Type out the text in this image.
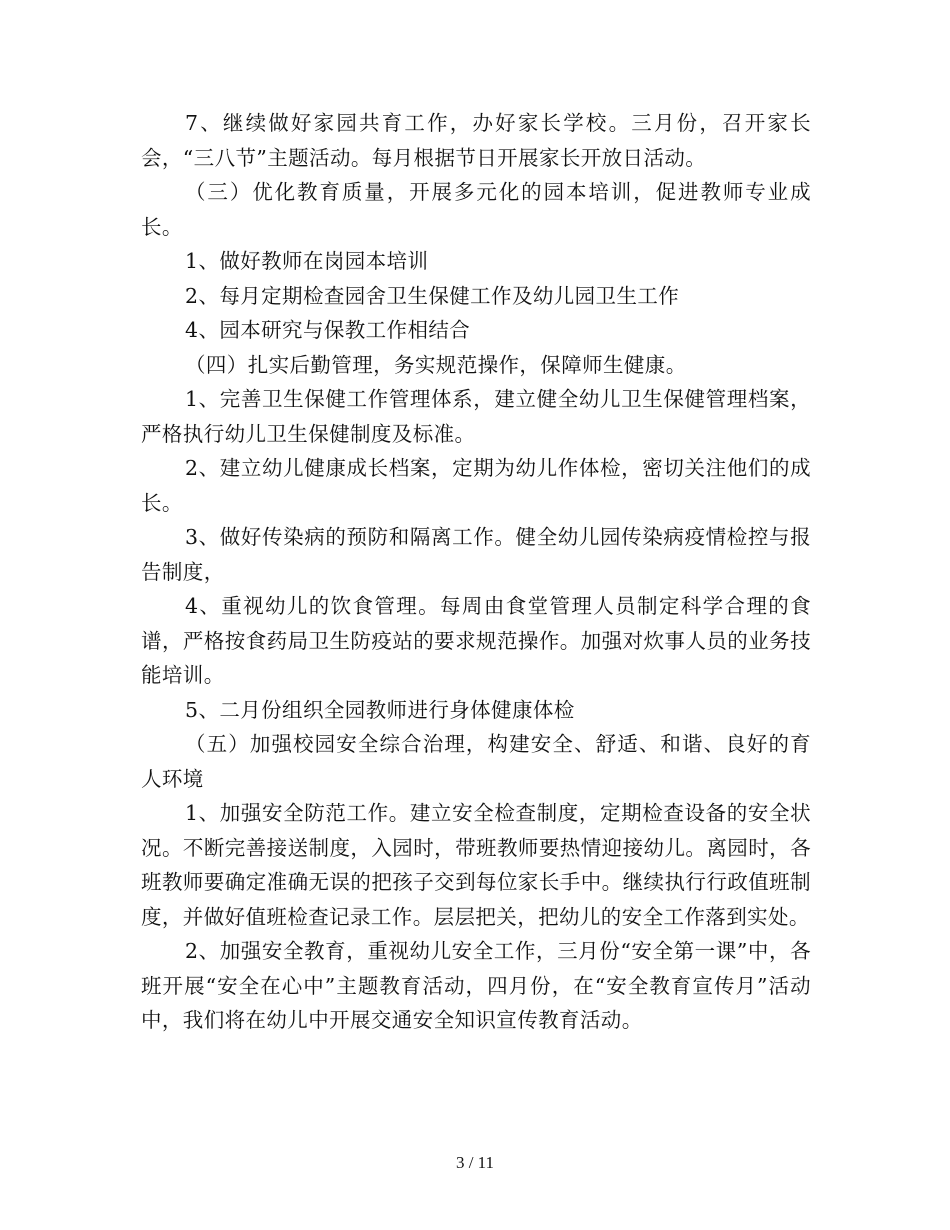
7、继续做好家园共育工作，办好家长学校。三月份，召开家长会，“三八节”主题活动。每月根据节日开展家长开放日活动。

（三）优化教育质量，开展多元化的园本培训，促进教师专业成长。

1、做好教师在岗园本培训

2、每月定期检查园舍卫生保健工作及幼儿园卫生工作

4、园本研究与保教工作相结合

（四）扎实后勤管理，务实规范操作，保障师生健康。

1、完善卫生保健工作管理体系，建立健全幼儿卫生保健管理档案，严格执行幼儿卫生保健制度及标准。

2、建立幼儿健康成长档案，定期为幼儿作体检，密切关注他们的成长。

3、做好传染病的预防和隔离工作。健全幼儿园传染病疫情检控与报告制度，

4、重视幼儿的饮食管理。每周由食堂管理人员制定科学合理的食谱，严格按食药局卫生防疫站的要求规范操作。加强对炊事人员的业务技能培训。

5、二月份组织全园教师进行身体健康体检

（五）加强校园安全综合治理，构建安全、舒适、和谐、良好的育人环境

1、加强安全防范工作。建立安全检查制度，定期检查设备的安全状况。不断完善接送制度，入园时，带班教师要热情迎接幼儿。离园时，各班教师要确定准确无误的把孩子交到每位家长手中。继续执行行政值班制度，并做好值班检查记录工作。层层把关，把幼儿的安全工作落到实处。

2、加强安全教育，重视幼儿安全工作，三月份“安全第一课”中，各班开展“安全在心中”主题教育活动，四月份，在“安全教育宣传月”活动中，我们将在幼儿中开展交通安全知识宣传教育活动。

3 / 11
